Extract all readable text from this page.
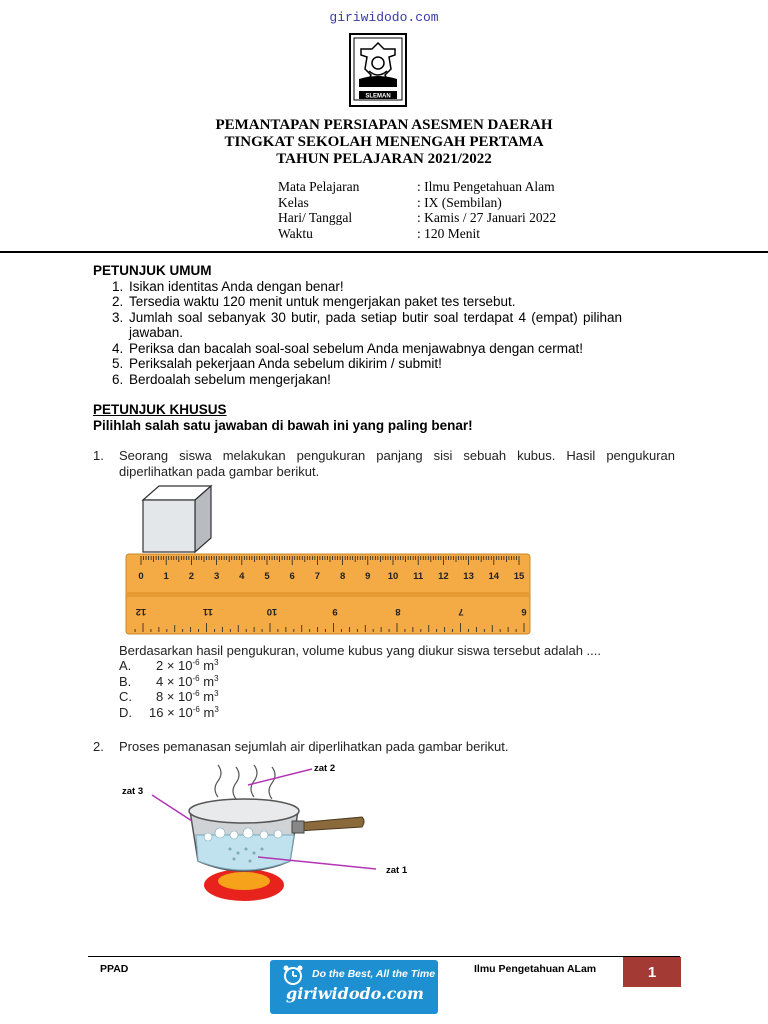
giriwidodo.com
SLEMAN
PEMANTAPAN PERSIAPAN ASESMEN DAERAH
TINGKAT SEKOLAH MENENGAH PERTAMA
TAHUN PELAJARAN 2021/2022
Mata Pelajaran	: Ilmu Pengetahuan Alam
Kelas	: IX (Sembilan)
Hari/ Tanggal	: Kamis / 27 Januari 2022
Waktu	: 120 Menit
PETUNJUK UMUM
1. Isikan identitas Anda dengan benar!
2. Tersedia waktu 120 menit untuk mengerjakan paket tes tersebut.
3. Jumlah soal sebanyak 30 butir, pada setiap butir soal terdapat 4 (empat) pilihan jawaban.
4. Periksa dan bacalah soal-soal sebelum Anda menjawabnya dengan cermat!
5. Periksalah pekerjaan Anda sebelum dikirim / submit!
6. Berdoalah sebelum mengerjakan!
PETUNJUK KHUSUS
Pilihlah salah satu jawaban di bawah ini yang paling benar!
1.	Seorang siswa melakukan pengukuran panjang sisi sebuah kubus. Hasil pengukuran diperlihatkan pada gambar berikut.
0 1 2 3 4 5 6 7 8 9 10 11 12 13 14 15
12	11	10	9	8	7	6
Berdasarkan hasil pengukuran, volume kubus yang diukur siswa tersebut adalah ....
A.	$2 \times 10^{-6}$ $m^3$
B.	$4 \times 10^{-6}$ $m^3$
C.	$8 \times 10^{-6}$ $m^3$
D.	$16 \times 10^{-6}$ $m^3$
2.	Proses pemanasan sejumlah air diperlihatkan pada gambar berikut.
zat 2
zat 3
zat 1
PPAD	Ilmu Pengetahuan ALam	1
Do the Best, All the Time
giriwidodo.com
